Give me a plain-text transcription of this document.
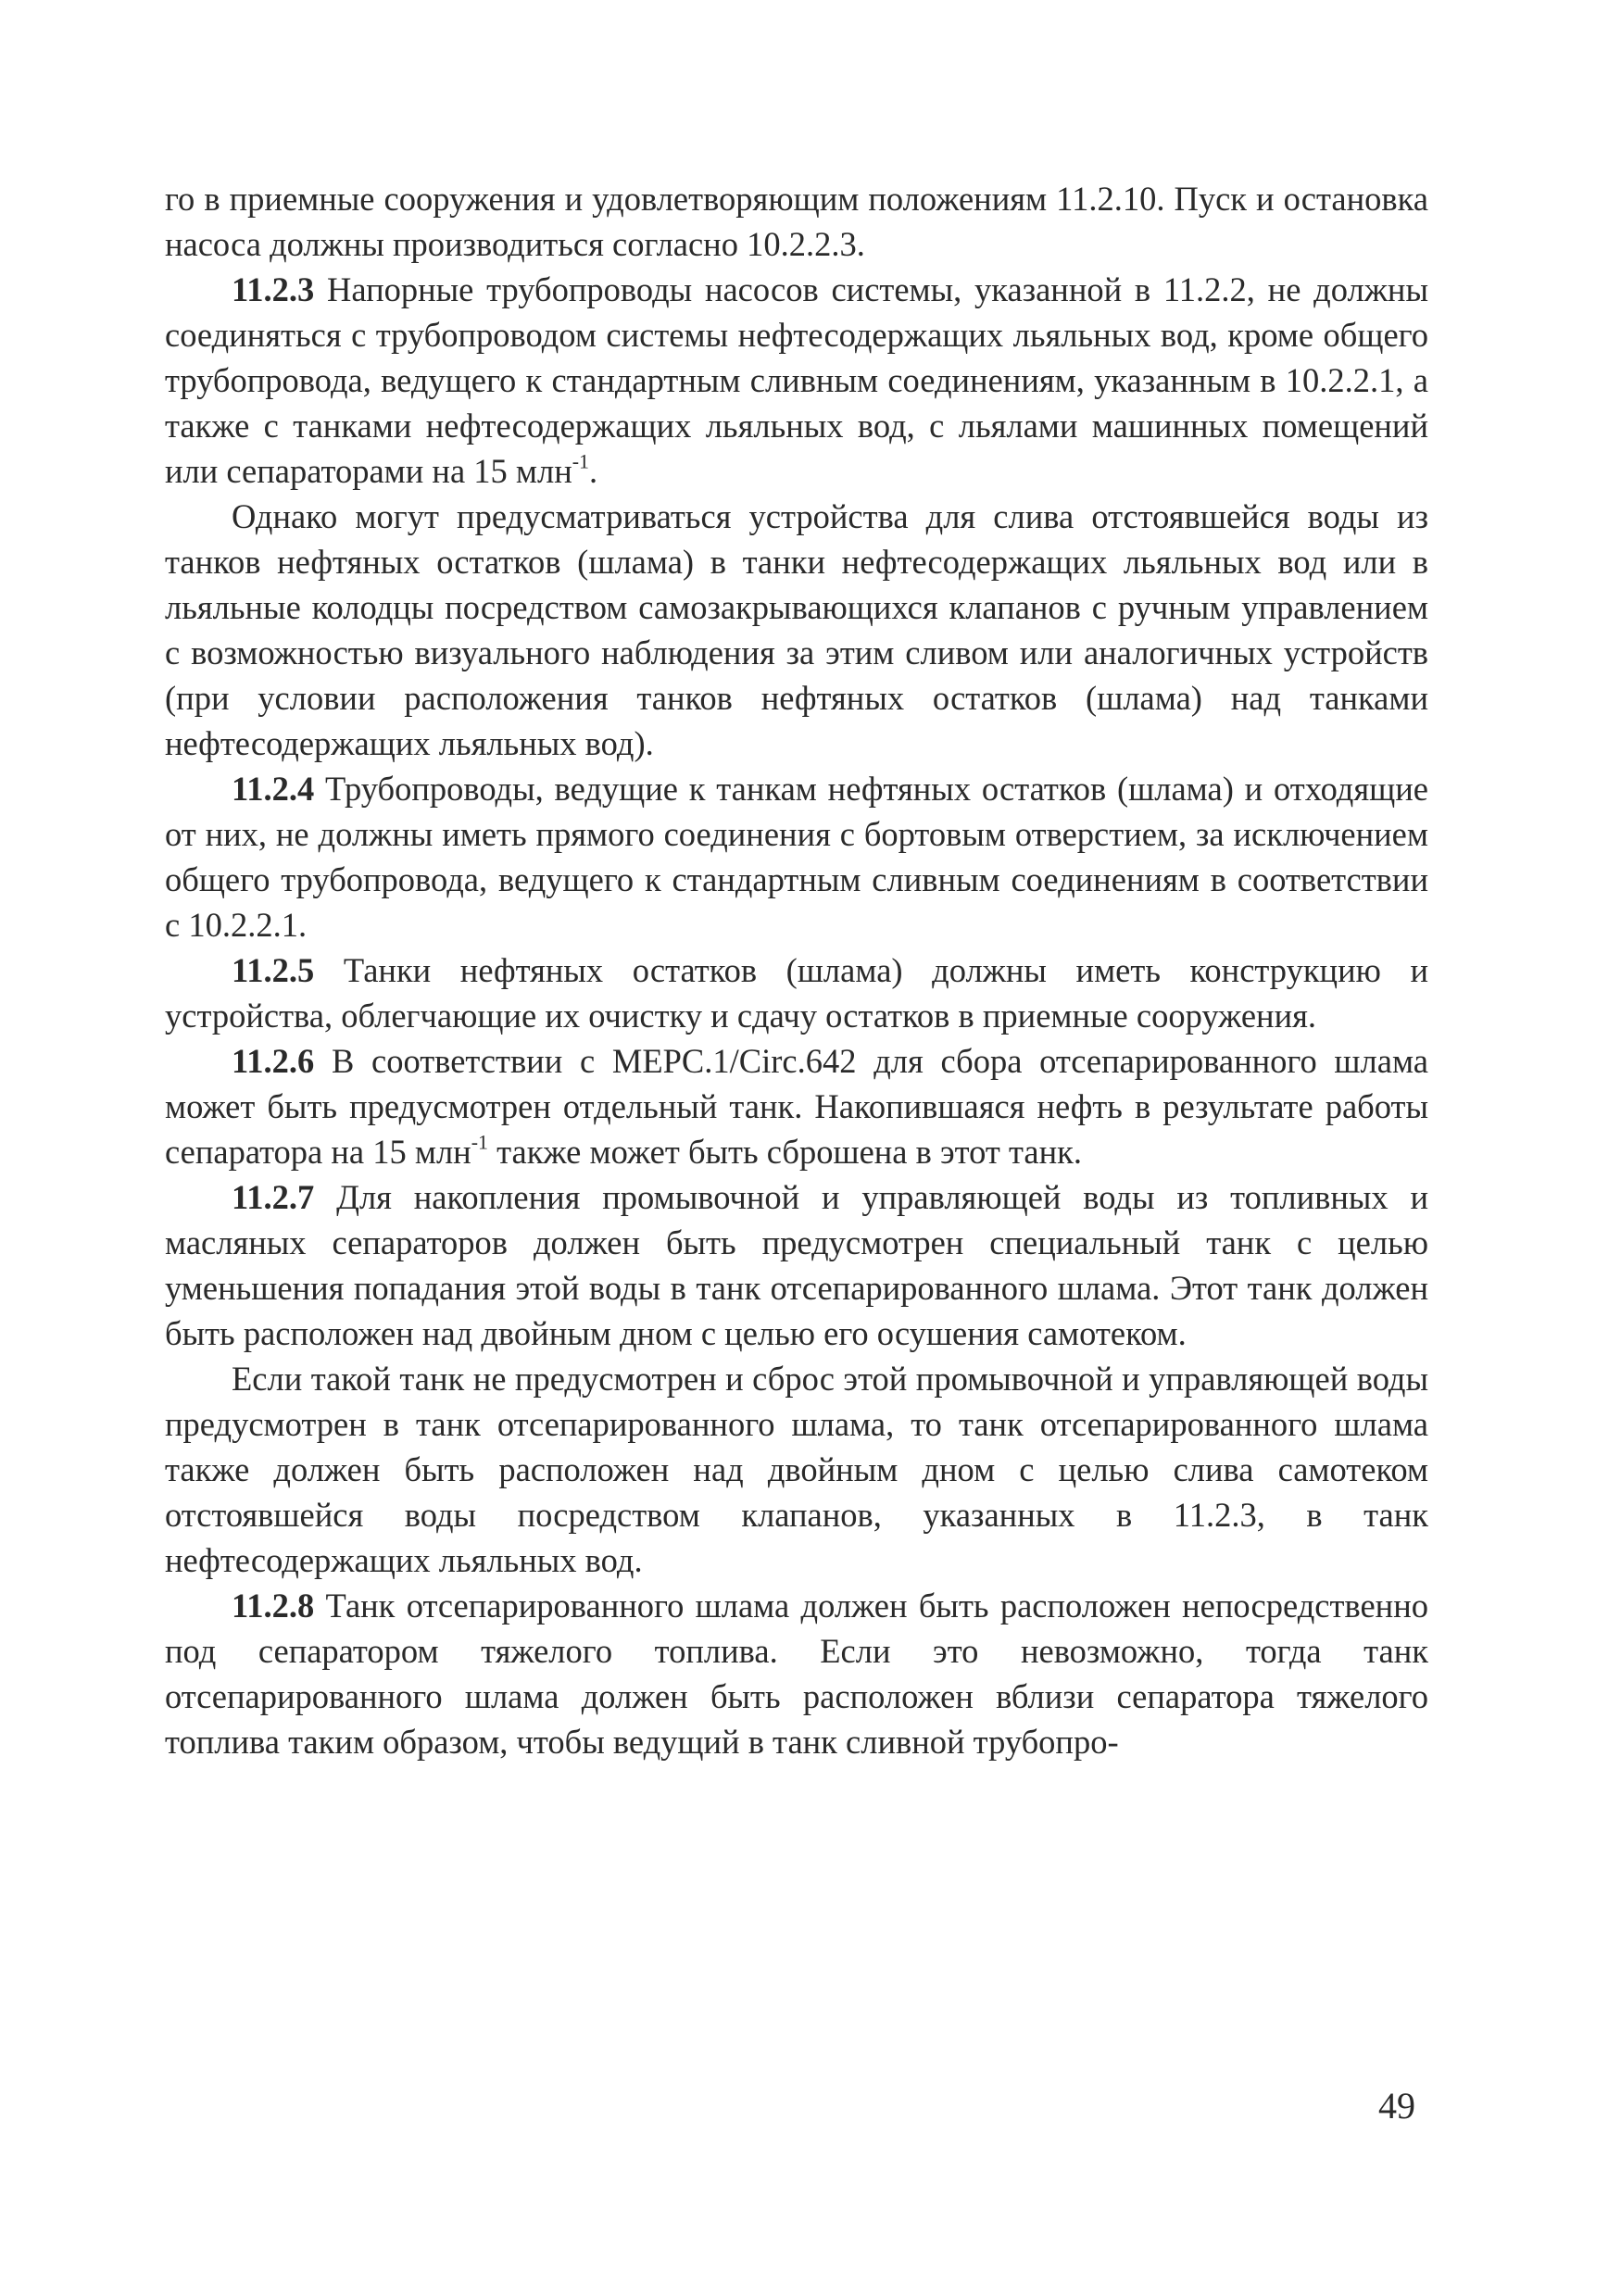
го в приемные сооружения и удовлетворяющим положениям 11.2.10. Пуск и остановка насоса должны производиться согласно 10.2.2.3.

11.2.3 Напорные трубопроводы насосов системы, указанной в 11.2.2, не должны соединяться с трубопроводом системы нефтесодержащих льяльных вод, кроме общего трубопровода, ведущего к стандартным сливным соединениям, указанным в 10.2.2.1, а также с танками нефтесодержащих льяльных вод, с льялами машинных помещений или сепараторами на 15 млн$^{-1}$.

Однако могут предусматриваться устройства для слива отстоявшейся воды из танков нефтяных остатков (шлама) в танки нефтесодержащих льяльных вод или в льяльные колодцы посредством самозакрывающихся клапанов с ручным управлением с возможностью визуального наблюдения за этим сливом или аналогичных устройств (при условии расположения танков нефтяных остатков (шлама) над танками нефтесодержащих льяльных вод).

11.2.4 Трубопроводы, ведущие к танкам нефтяных остатков (шлама) и отходящие от них, не должны иметь прямого соединения с бортовым отверстием, за исключением общего трубопровода, ведущего к стандартным сливным соединениям в соответствии с 10.2.2.1.

11.2.5 Танки нефтяных остатков (шлама) должны иметь конструкцию и устройства, облегчающие их очистку и сдачу остатков в приемные сооружения.

11.2.6 В соответствии с MEPC.1/Circ.642 для сбора отсепарированного шлама может быть предусмотрен отдельный танк. Накопившаяся нефть в результате работы сепаратора на 15 млн$^{-1}$ также может быть сброшена в этот танк.

11.2.7 Для накопления промывочной и управляющей воды из топливных и масляных сепараторов должен быть предусмотрен специальный танк с целью уменьшения попадания этой воды в танк отсепарированного шлама. Этот танк должен быть расположен над двойным дном с целью его осушения самотеком.

Если такой танк не предусмотрен и сброс этой промывочной и управляющей воды предусмотрен в танк отсепарированного шлама, то танк отсепарированного шлама также должен быть расположен над двойным дном с целью слива самотеком отстоявшейся воды посредством клапанов, указанных в 11.2.3, в танк нефтесодержащих льяльных вод.

11.2.8 Танк отсепарированного шлама должен быть расположен непосредственно под сепаратором тяжелого топлива. Если это невозможно, тогда танк отсепарированного шлама должен быть расположен вблизи сепаратора тяжелого топлива таким образом, чтобы ведущий в танк сливной трубопро-

49
